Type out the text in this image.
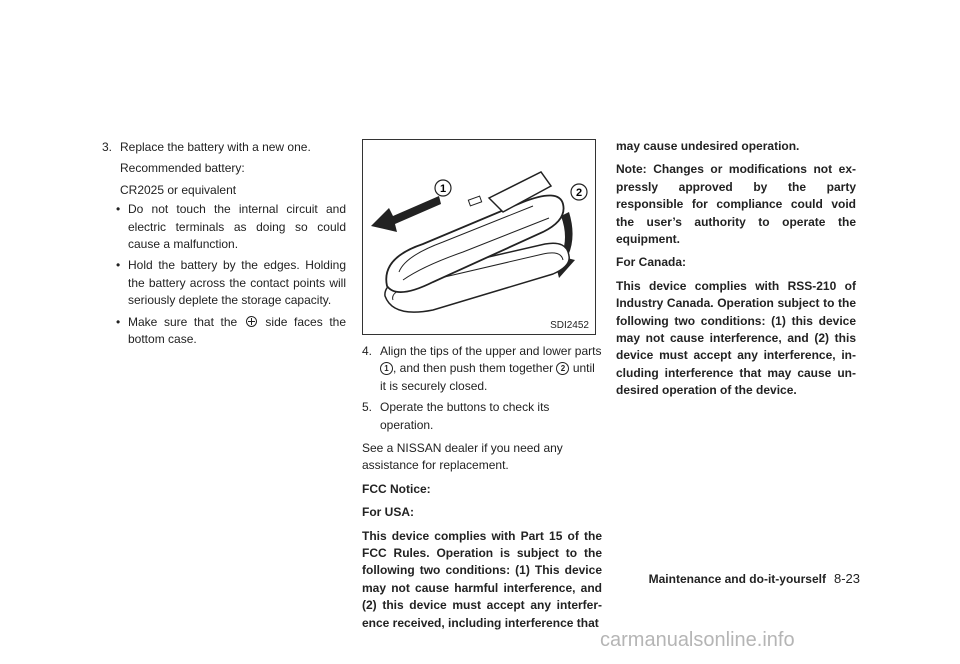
3. Replace the battery with a new one.

Recommended battery:

CR2025 or equivalent

• Do not touch the internal circuit and electric terminals as doing so could cause a malfunction.

• Hold the battery by the edges. Holding the battery across the contact points will seriously deplete the storage capacity.

• Make sure that the side faces the bottom case.

1	2
SDI2452
4. Align the tips of the upper and lower parts 1 , and then push them together 2 until it is securely closed.
5. Operate the buttons to check its operation.

See a NISSAN dealer if you need any assistance for replacement.

FCC Notice:

For USA:

This device complies with Part 15 of the FCC Rules. Operation is subject to the following two conditions: (1) This device may not cause harmful interference, and (2) this device must accept any interfer-ence received, including interference that

may cause undesired operation.

Note: Changes or modifications not ex-pressly approved by the party responsible for compliance could void the user’s authority to operate the equipment.

For Canada:

This device complies with RSS-210 of Industry Canada. Operation subject to the following two conditions: (1) this device may not cause interference, and (2) this device must accept any interference, in-cluding interference that may cause un-desired operation of the device.

Maintenance and do-it-yourself 8-23
carmanualsonline.info
